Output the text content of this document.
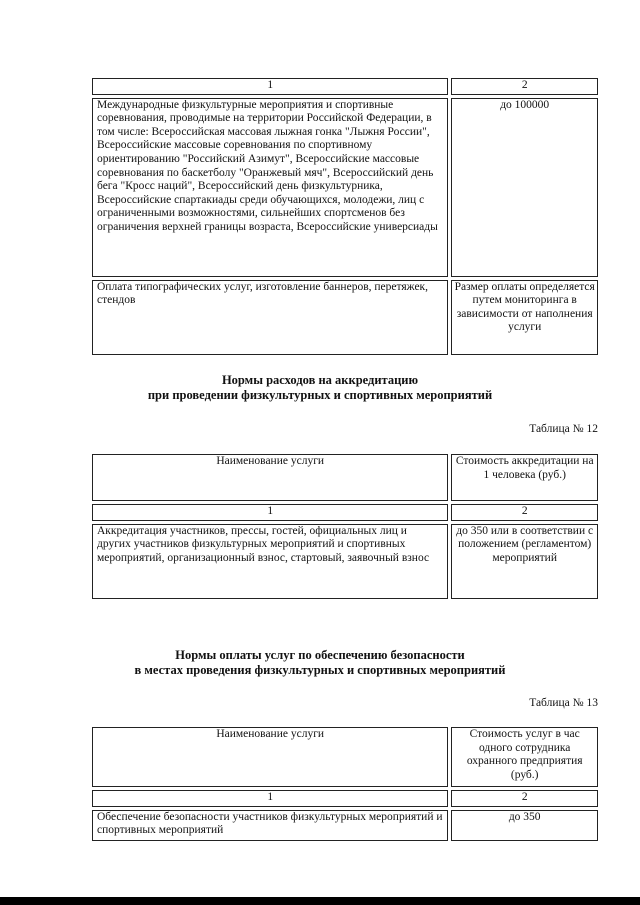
1		2

Международные физкультурные мероприятия и спортивные соревнования, проводимые на территории Российской Федерации, в том числе: Всероссийская массовая лыжная гонка "Лыжня России", Всероссийские массовые соревнования по спортивному ориентированию "Российский Азимут", Всероссийские массовые соревнования по баскетболу "Оранжевый мяч", Всероссийский день бега "Кросс наций", Всероссийский день физкультурника, Всероссийские спартакиады среди обучающихся, молодежи, лиц с ограниченными возможностями, сильнейших спортсменов без ограничения верхней границы возраста, Всероссийские универсиады		до 100000

Оплата типографических услуг, изготовление баннеров, перетяжек, стендов		Размер оплаты определяется путем мониторинга в зависимости от наполнения услуги
Нормы расходов на аккредитацию
при проведении физкультурных и спортивных мероприятий
Таблица № 12
Наименование услуги		Стоимость аккредитации на 1 человека (руб.)

1		2

Аккредитация участников, прессы, гостей, официальных лиц и других участников физкультурных мероприятий и спортивных мероприятий, организационный взнос, стартовый, заявочный взнос		до 350 или в соответствии с положением (регламентом) мероприятий
Нормы оплаты услуг по обеспечению безопасности
в местах проведения физкультурных и спортивных мероприятий
Таблица № 13
Наименование услуги		Стоимость услуг в час одного сотрудника охранного предприятия (руб.)

1		2

Обеспечение безопасности участников физкультурных мероприятий и спортивных мероприятий		до 350
